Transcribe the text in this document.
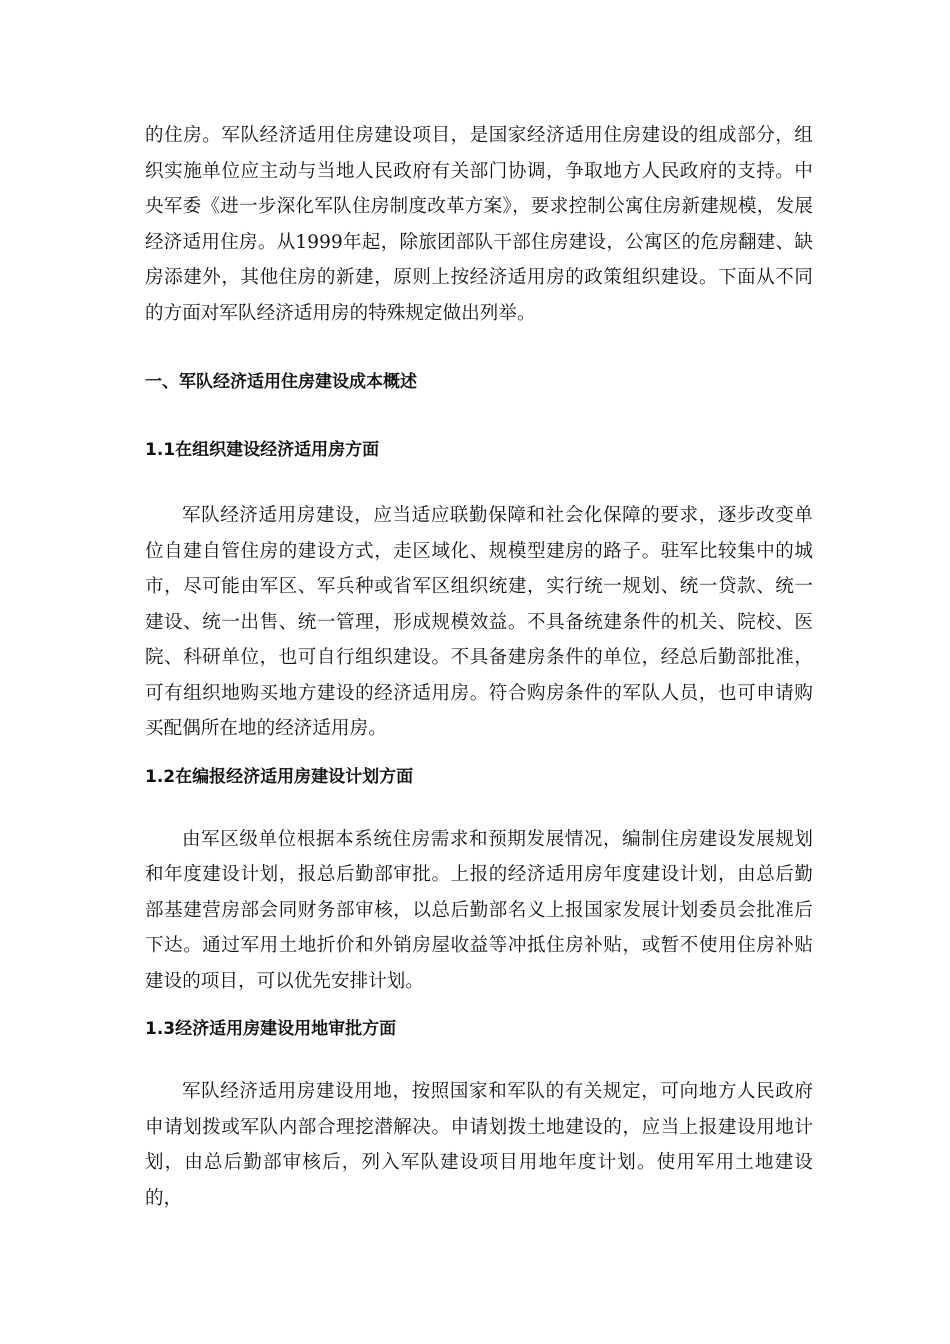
的住房。军队经济适用住房建设项目，是国家经济适用住房建设的组成部分，组织实施单位应主动与当地人民政府有关部门协调，争取地方人民政府的支持。中央军委《进一步深化军队住房制度改革方案》，要求控制公寓住房新建规模，发展经济适用住房。从1999年起，除旅团部队干部住房建设，公寓区的危房翻建、缺房添建外，其他住房的新建，原则上按经济适用房的政策组织建设。下面从不同的方面对军队经济适用房的特殊规定做出列举。

一、军队经济适用住房建设成本概述
1.1在组织建设经济适用房方面

军队经济适用房建设，应当适应联勤保障和社会化保障的要求，逐步改变单位自建自管住房的建设方式，走区域化、规模型建房的路子。驻军比较集中的城市，尽可能由军区、军兵种或省军区组织统建，实行统一规划、统一贷款、统一建设、统一出售、统一管理，形成规模效益。不具备统建条件的机关、院校、医院、科研单位，也可自行组织建设。不具备建房条件的单位，经总后勤部批准，可有组织地购买地方建设的经济适用房。符合购房条件的军队人员，也可申请购买配偶所在地的经济适用房。

1.2在编报经济适用房建设计划方面

由军区级单位根据本系统住房需求和预期发展情况，编制住房建设发展规划和年度建设计划，报总后勤部审批。上报的经济适用房年度建设计划，由总后勤部基建营房部会同财务部审核，以总后勤部名义上报国家发展计划委员会批准后下达。通过军用土地折价和外销房屋收益等冲抵住房补贴，或暂不使用住房补贴建设的项目，可以优先安排计划。

1.3经济适用房建设用地审批方面

军队经济适用房建设用地，按照国家和军队的有关规定，可向地方人民政府申请划拨或军队内部合理挖潜解决。申请划拨土地建设的，应当上报建设用地计划，由总后勤部审核后，列入军队建设项目用地年度计划。使用军用土地建设的，
